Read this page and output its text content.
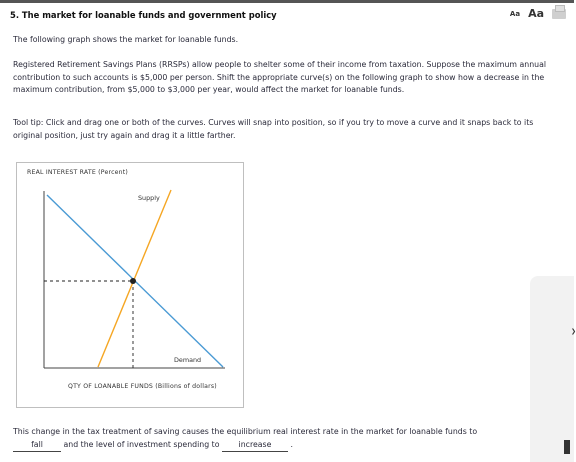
5. The market for loanable funds and government policy	Aa Aa
The following graph shows the market for loanable funds.
Registered Retirement Savings Plans (RRSPs) allow people to shelter some of their income from taxation. Suppose the maximum annual contribution to such accounts is $5,000 per person. Shift the appropriate curve(s) on the following graph to show how a decrease in the maximum contribution, from $5,000 to $3,000 per year, would affect the market for loanable funds.
Tool tip: Click and drag one or both of the curves. Curves will snap into position, so if you try to move a curve and it snaps back to its original position, just try again and drag it a little farther.
REAL INTEREST RATE (Percent)
Supply
Demand
QTY OF LOANABLE FUNDS (Billions of dollars)
❯
This change in the tax treatment of saving causes the equilibrium real interest rate in the market for loanable funds to
fall	and the level of investment spending to increase .
